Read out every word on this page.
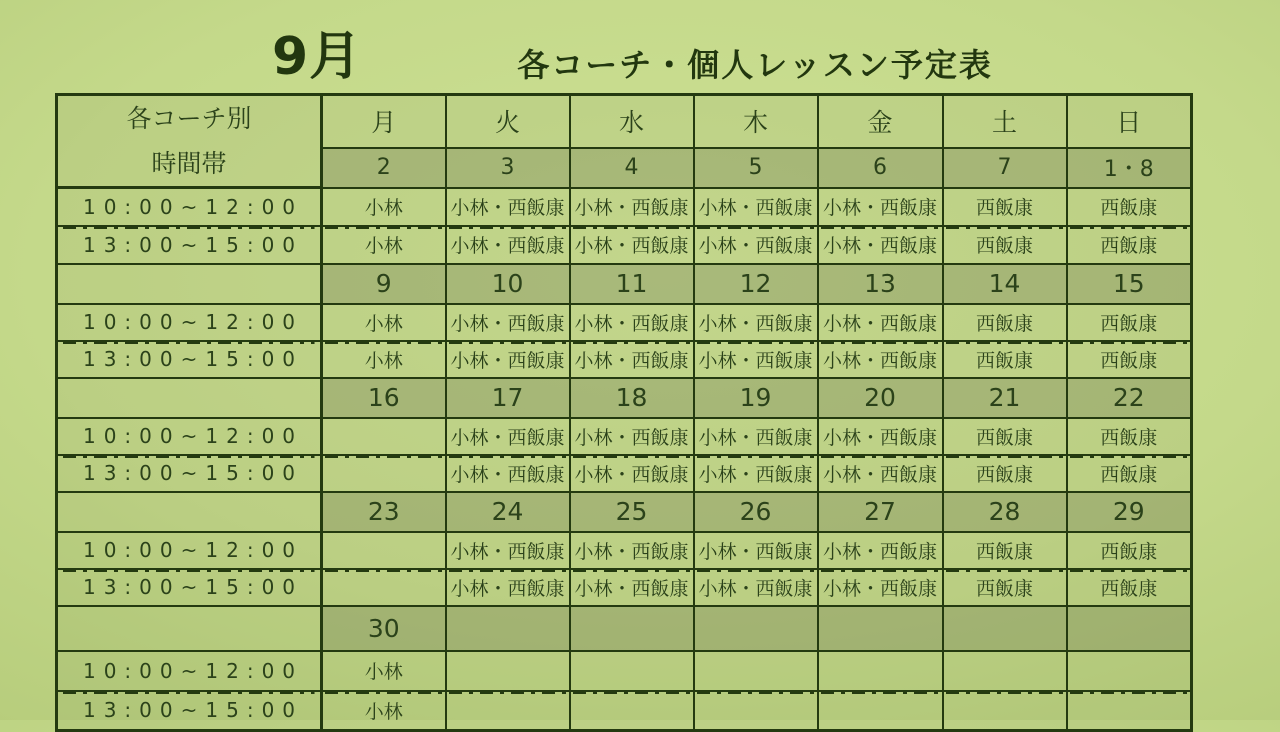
9月	各コーチ・個人レッスン予定表
各コーチ別
時間帯	月	火	水	木	金	土	日
	2	3	4	5	6	7	1・8
10:00~12:00	小林	小林・西飯康	小林・西飯康	小林・西飯康	小林・西飯康	西飯康	西飯康
13:00~15:00	小林	小林・西飯康	小林・西飯康	小林・西飯康	小林・西飯康	西飯康	西飯康
	9	10	11	12	13	14	15
10:00~12:00	小林	小林・西飯康	小林・西飯康	小林・西飯康	小林・西飯康	西飯康	西飯康
13:00~15:00	小林	小林・西飯康	小林・西飯康	小林・西飯康	小林・西飯康	西飯康	西飯康
	16	17	18	19	20	21	22
10:00~12:00		小林・西飯康	小林・西飯康	小林・西飯康	小林・西飯康	西飯康	西飯康
13:00~15:00		小林・西飯康	小林・西飯康	小林・西飯康	小林・西飯康	西飯康	西飯康
	23	24	25	26	27	28	29
10:00~12:00		小林・西飯康	小林・西飯康	小林・西飯康	小林・西飯康	西飯康	西飯康
13:00~15:00		小林・西飯康	小林・西飯康	小林・西飯康	小林・西飯康	西飯康	西飯康
	30						
10:00~12:00	小林						
13:00~15:00	小林						
